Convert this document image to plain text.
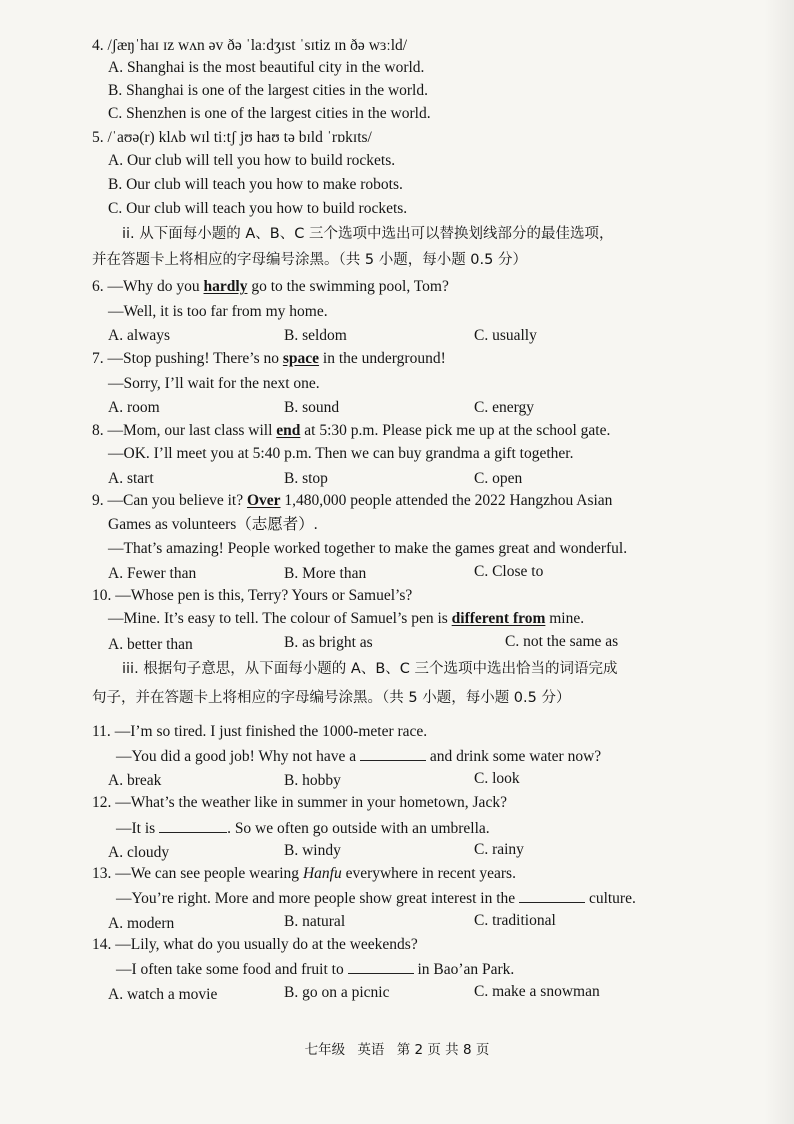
4. /ʃæŋˈhaɪ ɪz wʌn əv ðə ˈlaːdʒɪst ˈsɪtiz ɪn ðə wɜːld/
A. Shanghai is the most beautiful city in the world.
B. Shanghai is one of the largest cities in the world.
C. Shenzhen is one of the largest cities in the world.
5. /ˈaʊə(r) klʌb wɪl tiːtʃ jʊ haʊ tə bɪld ˈrɒkɪts/
A. Our club will tell you how to build rockets.
B. Our club will teach you how to make robots.
C. Our club will teach you how to build rockets.
ii. 从下面每小题的 A、B、C 三个选项中选出可以替换划线部分的最佳选项，
并在答题卡上将相应的字母编号涂黑。（共 5 小题，每小题 0.5 分）
6. —Why do you hardly go to the swimming pool, Tom?
—Well, it is too far from my home.
A. always	B. seldom	C. usually
7. —Stop pushing! There’s no space in the underground!
—Sorry, I’ll wait for the next one.
A. room	B. sound	C. energy
8. —Mom, our last class will end at 5:30 p.m. Please pick me up at the school gate.
—OK. I’ll meet you at 5:40 p.m. Then we can buy grandma a gift together.
A. start	B. stop	C. open
9. —Can you believe it? Over 1,480,000 people attended the 2022 Hangzhou Asian
Games as volunteers（志愿者）.
—That’s amazing! People worked together to make the games great and wonderful.
A. Fewer than	B. More than	C. Close to
10. —Whose pen is this, Terry? Yours or Samuel’s?
—Mine. It’s easy to tell. The colour of Samuel’s pen is different from mine.
A. better than	B. as bright as	C. not the same as
iii. 根据句子意思，从下面每小题的 A、B、C 三个选项中选出恰当的词语完成
句子，并在答题卡上将相应的字母编号涂黑。（共 5 小题，每小题 0.5 分）
11. —I’m so tired. I just finished the 1000-meter race.
—You did a good job! Why not have a	and drink some water now?
A. break	B. hobby	C. look
12. —What’s the weather like in summer in your hometown, Jack?
—It is	. So we often go outside with an umbrella.
A. cloudy	B. windy	C. rainy
13. —We can see people wearing Hanfu everywhere in recent years.
—You’re right. More and more people show great interest in the	culture.
A. modern	B. natural	C. traditional
14. —Lily, what do you usually do at the weekends?
—I often take some food and fruit to	in Bao’an Park.
A. watch a movie	B. go on a picnic	C. make a snowman
七年级 英语 第 2 页 共 8 页
